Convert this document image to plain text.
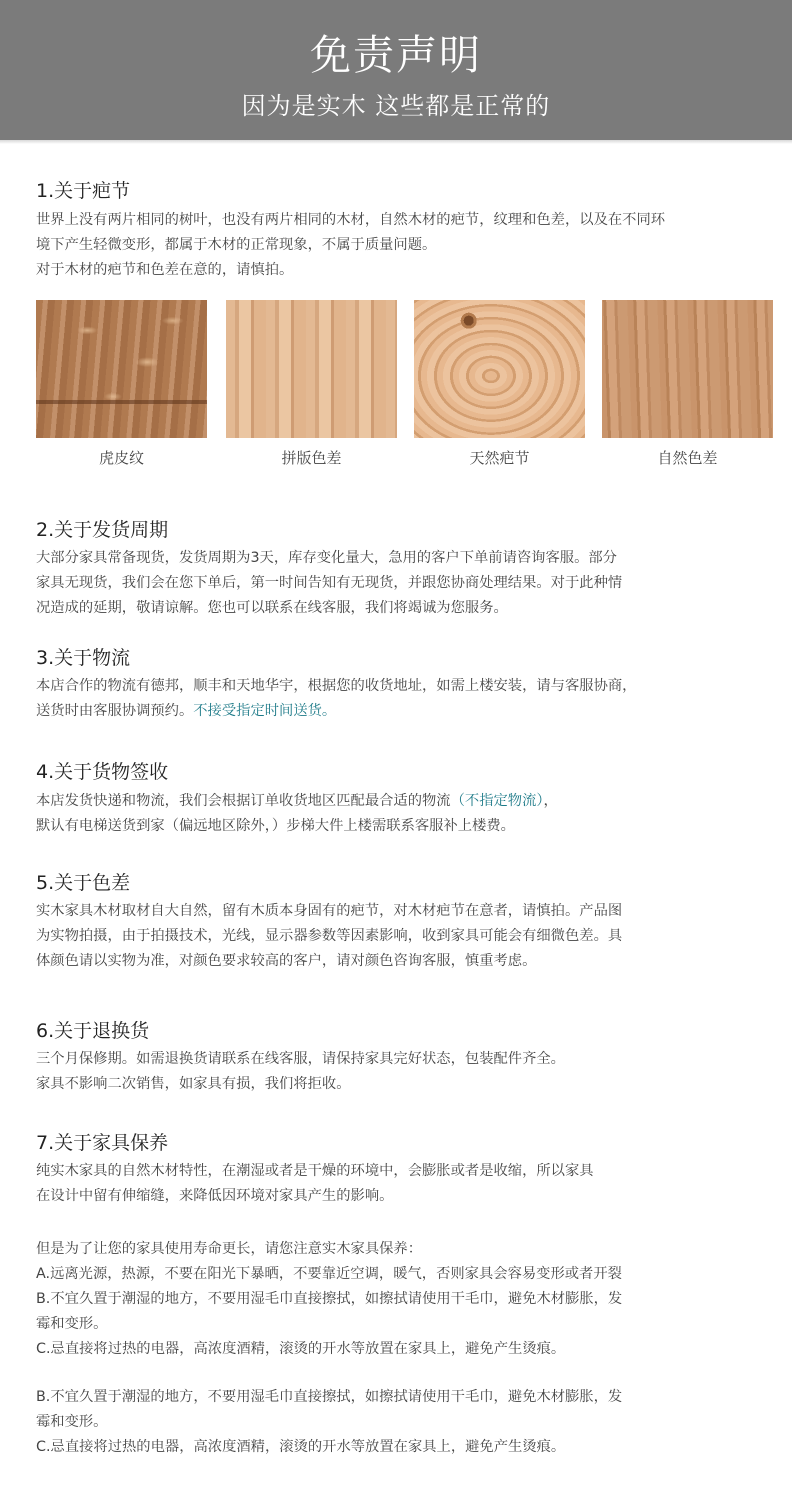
免责声明
因为是实木 这些都是正常的
1.关于疤节
世界上没有两片相同的树叶，也没有两片相同的木材，自然木材的疤节，纹理和色差，以及在不同环
境下产生轻微变形，都属于木材的正常现象，不属于质量问题。
对于木材的疤节和色差在意的，请慎拍。
虎皮纹	拼版色差	天然疤节	自然色差
2.关于发货周期
大部分家具常备现货，发货周期为3天，库存变化量大，急用的客户下单前请咨询客服。部分
家具无现货，我们会在您下单后，第一时间告知有无现货，并跟您协商处理结果。对于此种情
况造成的延期，敬请谅解。您也可以联系在线客服，我们将竭诚为您服务。
3.关于物流
本店合作的物流有德邦，顺丰和天地华宇，根据您的收货地址，如需上楼安装，请与客服协商，
送货时由客服协调预约。不接受指定时间送货。
4.关于货物签收
本店发货快递和物流，我们会根据订单收货地区匹配最合适的物流（不指定物流），
默认有电梯送货到家（偏远地区除外，）步梯大件上楼需联系客服补上楼费。
5.关于色差
实木家具木材取材自大自然，留有木质本身固有的疤节，对木材疤节在意者，请慎拍。产品图
为实物拍摄，由于拍摄技术，光线，显示器参数等因素影响，收到家具可能会有细微色差。具
体颜色请以实物为准，对颜色要求较高的客户，请对颜色咨询客服，慎重考虑。
6.关于退换货
三个月保修期。如需退换货请联系在线客服，请保持家具完好状态，包装配件齐全。
家具不影响二次销售，如家具有损，我们将拒收。
7.关于家具保养
纯实木家具的自然木材特性，在潮湿或者是干燥的环境中，会膨胀或者是收缩，所以家具
在设计中留有伸缩缝，来降低因环境对家具产生的影响。
但是为了让您的家具使用寿命更长，请您注意实木家具保养：
A.远离光源，热源，不要在阳光下暴晒，不要靠近空调，暖气，否则家具会容易变形或者开裂
B.不宜久置于潮湿的地方，不要用湿毛巾直接擦拭，如擦拭请使用干毛巾，避免木材膨胀，发
霉和变形。
C.忌直接将过热的电器，高浓度酒精，滚烫的开水等放置在家具上，避免产生烫痕。
B.不宜久置于潮湿的地方，不要用湿毛巾直接擦拭，如擦拭请使用干毛巾，避免木材膨胀，发
霉和变形。
C.忌直接将过热的电器，高浓度酒精，滚烫的开水等放置在家具上，避免产生烫痕。
